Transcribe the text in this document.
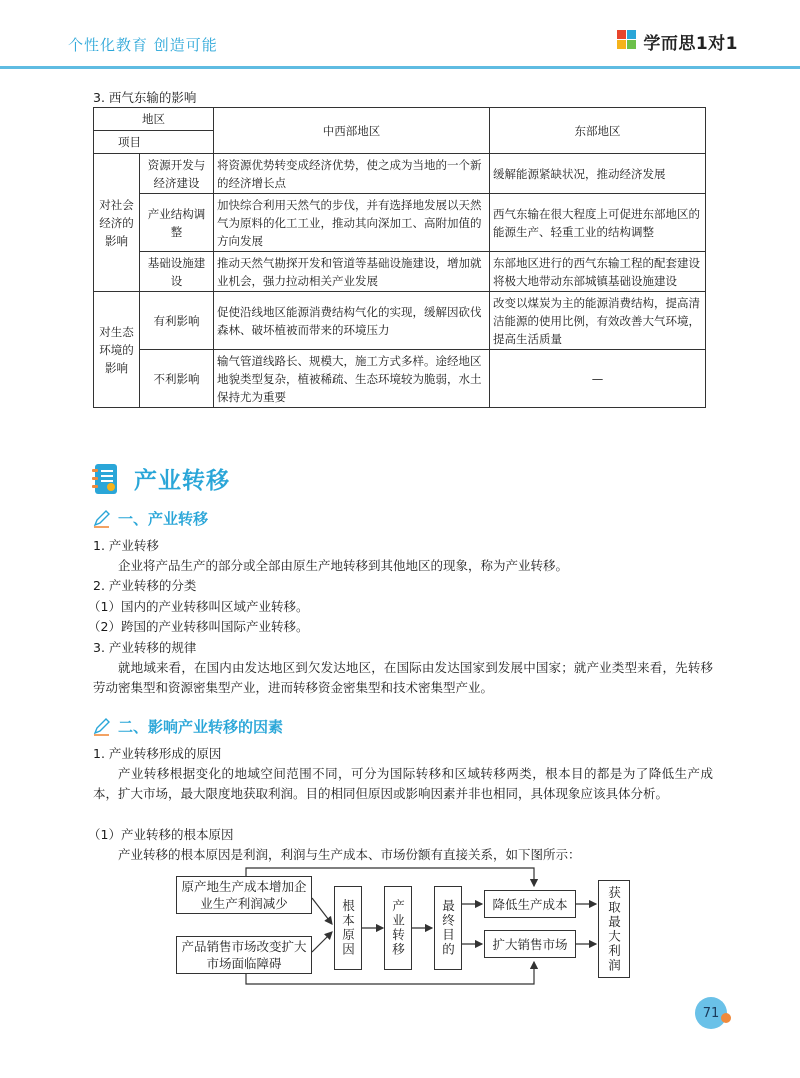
个性化教育 创造可能	学而思1对1
3. 西气东输的影响
地区
项目		中西部地区	东部地区
对社会经济的影响	资源开发与经济建设	将资源优势转变成经济优势，使之成为当地的一个新的经济增长点	缓解能源紧缺状况，推动经济发展
	产业结构调整	加快综合利用天然气的步伐，并有选择地发展以天然气为原料的化工工业，推动其向深加工、高附加值的方向发展	西气东输在很大程度上可促进东部地区的能源生产、轻重工业的结构调整
	基础设施建设	推动天然气勘探开发和管道等基础设施建设，增加就业机会，强力拉动相关产业发展	东部地区进行的西气东输工程的配套建设将极大地带动东部城镇基础设施建设
对生态环境的影响	有利影响	促使沿线地区能源消费结构气化的实现，缓解因砍伐森林、破坏植被而带来的环境压力	改变以煤炭为主的能源消费结构，提高清洁能源的使用比例，有效改善大气环境，提高生活质量
	不利影响	输气管道线路长、规模大，施工方式多样。途经地区地貌类型复杂，植被稀疏、生态环境较为脆弱，水土保持尤为重要	—
产业转移
一、产业转移
1. 产业转移
企业将产品生产的部分或全部由原生产地转移到其他地区的现象，称为产业转移。
2. 产业转移的分类
（1）国内的产业转移叫区域产业转移。
（2）跨国的产业转移叫国际产业转移。
3. 产业转移的规律
就地域来看，在国内由发达地区到欠发达地区，在国际由发达国家到发展中国家；就产业类型来看，先转移劳动密集型和资源密集型产业，进而转移资金密集型和技术密集型产业。
二、影响产业转移的因素
1. 产业转移形成的原因
产业转移根据变化的地域空间范围不同，可分为国际转移和区域转移两类，根本目的都是为了降低生产成本，扩大市场，最大限度地获取利润。目的相同但原因或影响因素并非也相同，具体现象应该具体分析。
（1）产业转移的根本原因
产业转移的根本原因是利润，利润与生产成本、市场份额有直接关系，如下图所示：
原产地生产成本增加企业生产利润减少
产品销售市场改变扩大市场面临障碍
根本原因	产业转移	最终目的	降低生产成本
扩大销售市场	获取最大利润
71
